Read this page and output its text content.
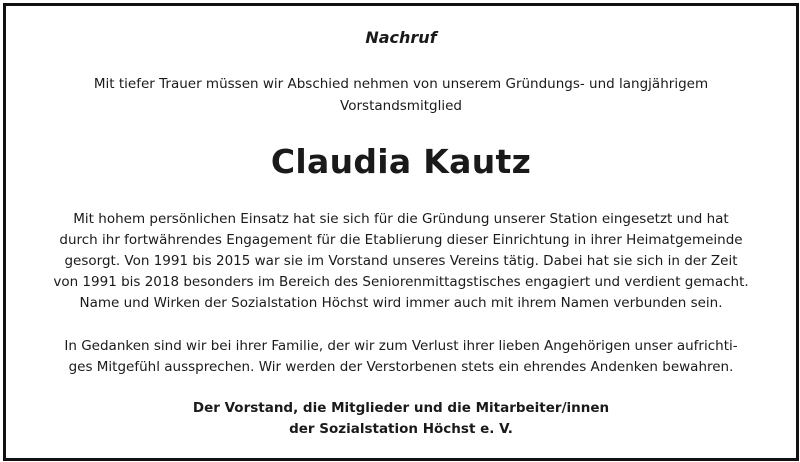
Nachruf
Mit tiefer Trauer müssen wir Abschied nehmen von unserem Gründungs- und langjährigem Vorstandsmitglied
Claudia Kautz
Mit hohem persönlichen Einsatz hat sie sich für die Gründung unserer Station eingesetzt und hat
durch ihr fortwährendes Engagement für die Etablierung dieser Einrichtung in ihrer Heimatgemeinde
gesorgt. Von 1991 bis 2015 war sie im Vorstand unseres Vereins tätig. Dabei hat sie sich in der Zeit
von 1991 bis 2018 besonders im Bereich des Seniorenmittagstisches engagiert und verdient gemacht.
Name und Wirken der Sozialstation Höchst wird immer auch mit ihrem Namen verbunden sein.
In Gedanken sind wir bei ihrer Familie, der wir zum Verlust ihrer lieben Angehörigen unser aufrichti-
ges Mitgefühl aussprechen. Wir werden der Verstorbenen stets ein ehrendes Andenken bewahren.
Der Vorstand, die Mitglieder und die Mitarbeiter/innen
der Sozialstation Höchst e. V.
